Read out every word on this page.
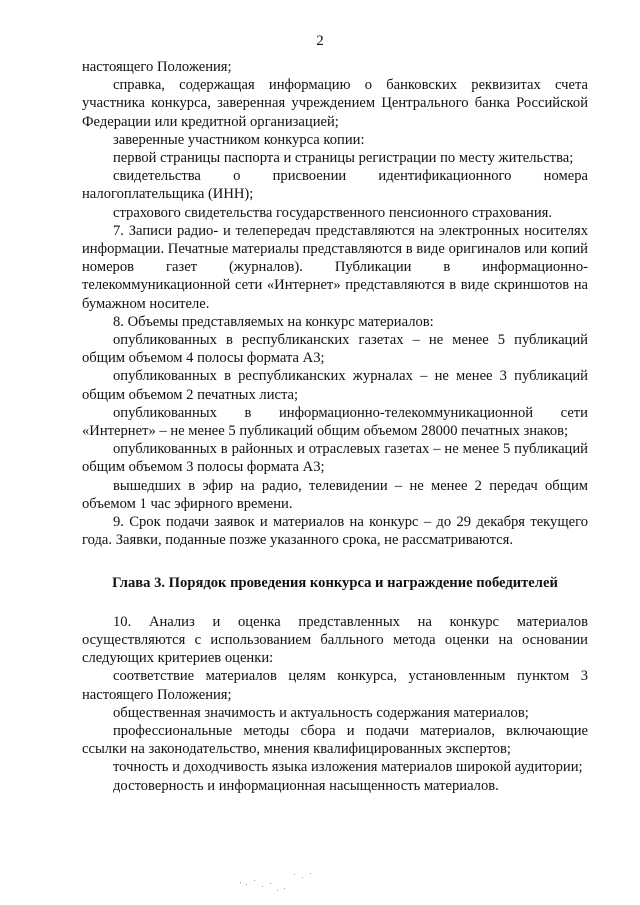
2

настоящего Положения;

справка, содержащая информацию о банковских реквизитах счета участника конкурса, заверенная учреждением Центрального банка Российской Федерации или кредитной организацией;

заверенные участником конкурса копии:

первой страницы паспорта и страницы регистрации по месту жительства;

свидетельства о присвоении идентификационного номера налогоплательщика (ИНН);

страхового свидетельства государственного пенсионного страхования.

7. Записи радио- и телепередач представляются на электронных носителях информации. Печатные материалы представляются в виде оригиналов или копий номеров газет (журналов). Публикации в информационно-телекоммуникационной сети «Интернет» представляются в виде скриншотов на бумажном носителе.

8. Объемы представляемых на конкурс материалов:

опубликованных в республиканских газетах – не менее 5 публикаций общим объемом 4 полосы формата А3;

опубликованных в республиканских журналах – не менее 3 публикаций общим объемом 2 печатных листа;

опубликованных в информационно-телекоммуникационной сети «Интернет» – не менее 5 публикаций общим объемом 28000 печатных знаков;

опубликованных в районных и отраслевых газетах – не менее 5 публикаций общим объемом 3 полосы формата А3;

вышедших в эфир на радио, телевидении – не менее 2 передач общим объемом 1 час эфирного времени.

9. Срок подачи заявок и материалов на конкурс – до 29 декабря текущего года. Заявки, поданные позже указанного срока, не рассматриваются.

Глава 3. Порядок проведения конкурса и награждение победителей

10. Анализ и оценка представленных на конкурс материалов осуществляются с использованием балльного метода оценки на основании следующих критериев оценки:

соответствие материалов целям конкурса, установленным пунктом 3 настоящего Положения;

общественная значимость и актуальность содержания материалов;

профессиональные методы сбора и подачи материалов, включающие ссылки на законодательство, мнения квалифицированных экспертов;

точность и доходчивость языка изложения материалов широкой аудитории;

достоверность и информационная насыщенность материалов.
